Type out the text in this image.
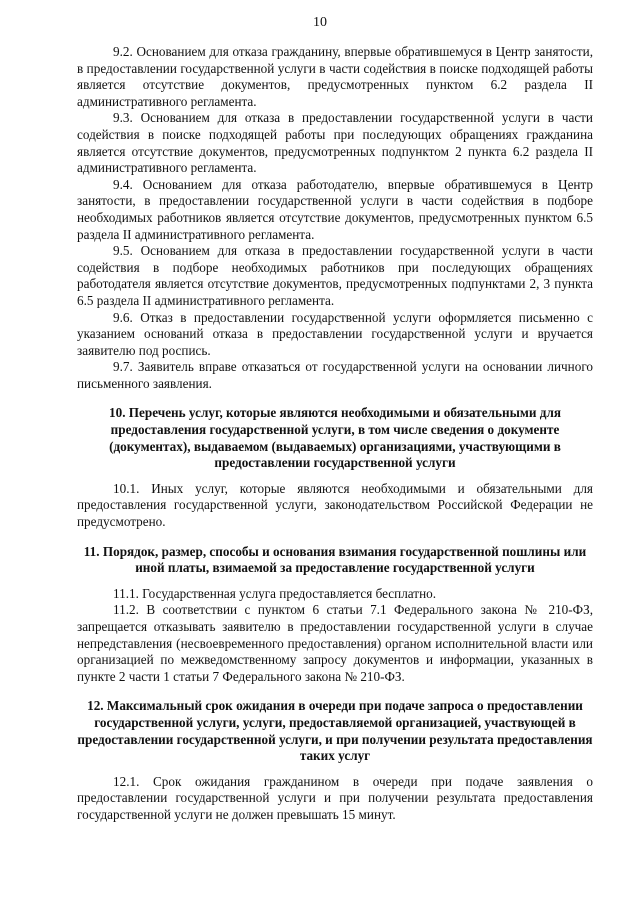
10

9.2. Основанием для отказа гражданину, впервые обратившемуся в Центр занятости, в предоставлении государственной услуги в части содействия в поиске подходящей работы является отсутствие документов, предусмотренных пунктом 6.2 раздела II административного регламента.

9.3. Основанием для отказа в предоставлении государственной услуги в части содействия в поиске подходящей работы при последующих обращениях гражданина является отсутствие документов, предусмотренных подпунктом 2 пункта 6.2 раздела II административного регламента.

9.4. Основанием для отказа работодателю, впервые обратившемуся в Центр занятости, в предоставлении государственной услуги в части содействия в подборе необходимых работников является отсутствие документов, предусмотренных пунктом 6.5 раздела II административного регламента.

9.5. Основанием для отказа в предоставлении государственной услуги в части содействия в подборе необходимых работников при последующих обращениях работодателя является отсутствие документов, предусмотренных подпунктами 2, 3 пункта 6.5 раздела II административного регламента.

9.6. Отказ в предоставлении государственной услуги оформляется письменно с указанием оснований отказа в предоставлении государственной услуги и вручается заявителю под роспись.

9.7. Заявитель вправе отказаться от государственной услуги на основании личного письменного заявления.

10. Перечень услуг, которые являются необходимыми и обязательными для предоставления государственной услуги, в том числе сведения о документе (документах), выдаваемом (выдаваемых) организациями, участвующими в предоставлении государственной услуги

10.1. Иных услуг, которые являются необходимыми и обязательными для предоставления государственной услуги, законодательством Российской Федерации не предусмотрено.

11. Порядок, размер, способы и основания взимания государственной пошлины или иной платы, взимаемой за предоставление государственной услуги

11.1. Государственная услуга предоставляется бесплатно.

11.2. В соответствии с пунктом 6 статьи 7.1 Федерального закона № 210-ФЗ, запрещается отказывать заявителю в предоставлении государственной услуги в случае непредставления (несвоевременного предоставления) органом исполнительной власти или организацией по межведомственному запросу документов и информации, указанных в пункте 2 части 1 статьи 7 Федерального закона № 210-ФЗ.

12. Максимальный срок ожидания в очереди при подаче запроса о предоставлении государственной услуги, услуги, предоставляемой организацией, участвующей в предоставлении государственной услуги, и при получении результата предоставления таких услуг

12.1. Срок ожидания гражданином в очереди при подаче заявления о предоставлении государственной услуги и при получении результата предоставления государственной услуги не должен превышать 15 минут.
